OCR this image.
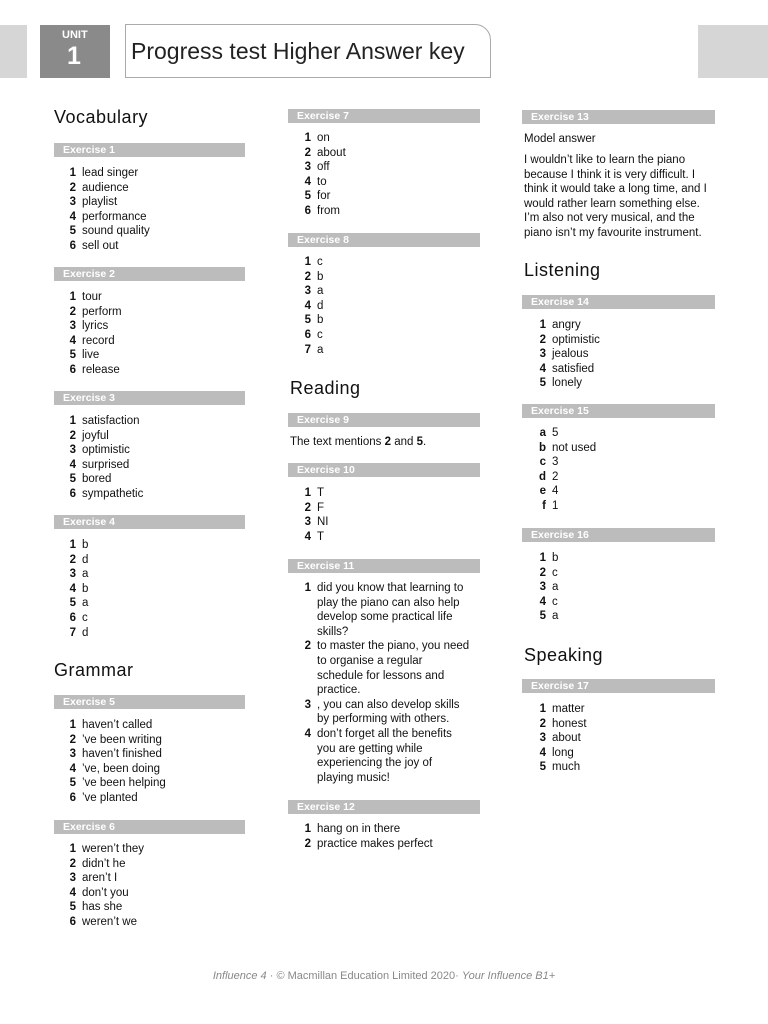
UNIT
1 Progress test Higher Answer key
Vocabulary
Exercise 1
1 lead singer
2 audience
3 playlist
4 performance
5 sound quality
6 sell out
Exercise 2
1 tour
2 perform
3 lyrics
4 record
5 live
6 release
Exercise 3
1 satisfaction
2 joyful
3 optimistic
4 surprised
5 bored
6 sympathetic
Exercise 4
1 b
2 d
3 a
4 b
5 a
6 c
7 d
Exercise 5
1 haven’t called
2 ’ve been writing
3 haven’t finished
4 ’ve, been doing
5 ’ve been helping
6 ’ve planted
Exercise 6
1 weren’t they
2 didn’t he
3 aren’t I
4 don’t you
5 has she
6 weren’t we
Grammar
Reading
Exercise 7
1 on
2 about
3 off
4 to
5 for
6 from
Exercise 8
1 c
2 b
3 a
4 d
5 b
6 c
7 a
Exercise 9
The text mentions 2 and 5.
Exercise 10
1 T
2 F
3 NI
4 T
Exercise 11
1 did you know that learning to
play the piano can also help
develop some practical life
skills?
2 to master the piano, you need
to organise a regular
schedule for lessons and
practice.
3 , you can also develop skills
by performing with others.
4 don’t forget all the benefits
you are getting while
experiencing the joy of
playing music!
Exercise 12
1 hang on in there
2 practice makes perfect
Exercise 13
Model answer
I wouldn’t like to learn the piano
because I think it is very difficult. I
think it would take a long time, and I
would rather learn something else.
I’m also not very musical, and the
piano isn’t my favourite instrument.
Listening
Speaking
Exercise 14
1 angry
2 optimistic
3 jealous
4 satisfied
5 lonely
Exercise 15
a 5
b not used
c 3
d 2
e 4
f 1
Exercise 16
1 b
2 c
3 a
4 c
5 a
Exercise 17
1 matter
2 honest
3 about
4 long
5 much
Influence 4 · © Macmillan Education Limited 2020· Your Influence B1+
